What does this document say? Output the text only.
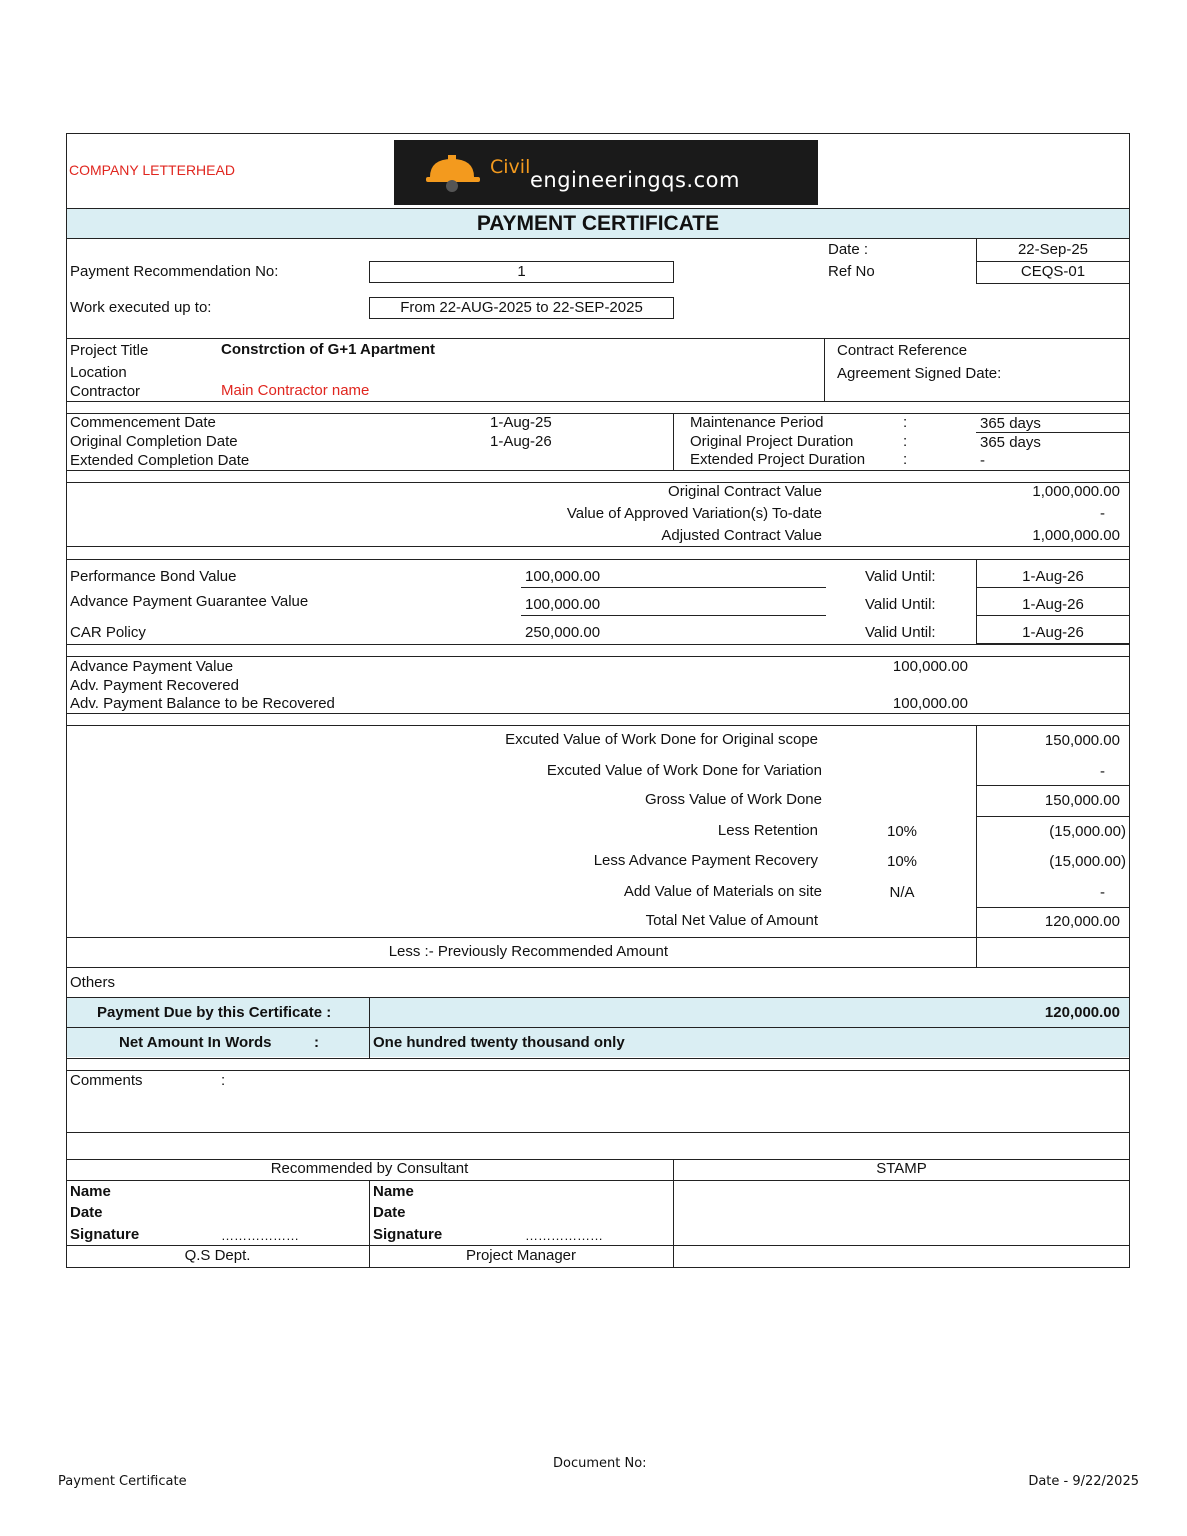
COMPANY LETTERHEAD	Civil
engineeringqs.com
PAYMENT CERTIFICATE
Date :	22-Sep-25
Ref No	CEQS-01
Payment Recommendation No:	1
Work executed up to:	From 22-AUG-2025 to 22-SEP-2025
Project Title	Constrction of G+1 Apartment
Location
Contractor	Main Contractor name
Contract Reference
Agreement Signed Date:
Commencement Date	1-Aug-25
Original Completion Date	1-Aug-26
Extended Completion Date
Maintenance Period	:	365 days
Original Project Duration	:	365 days
Extended Project Duration	:	-
Original Contract Value	1,000,000.00
Value of Approved Variation(s) To-date	-
Adjusted Contract Value	1,000,000.00
Performance Bond Value	100,000.00	Valid Until:	1-Aug-26
Advance Payment Guarantee Value	100,000.00	Valid Until:	1-Aug-26
CAR Policy	250,000.00	Valid Until:	1-Aug-26
Advance Payment Value	100,000.00
Adv. Payment Recovered
Adv. Payment Balance to be Recovered	100,000.00
Excuted Value of Work Done for Original scope	150,000.00
Excuted Value of Work Done for Variation	-
Gross Value of Work Done	150,000.00
Less Retention	10%	(15,000.00)
Less Advance Payment Recovery	10%	(15,000.00)
Add Value of Materials on site	N/A	-
Total Net Value of Amount	120,000.00
Less :- Previously Recommended Amount
Others
Payment Due by this Certificate :	120,000.00
Net Amount In Words	:	One hundred twenty thousand only
Comments	:
Recommended by Consultant	STAMP
Name
Date
Signature	………………
Name
Date
Signature	………………
Q.S Dept.	Project Manager
Document No:
Payment Certificate	Date - 9/22/2025
